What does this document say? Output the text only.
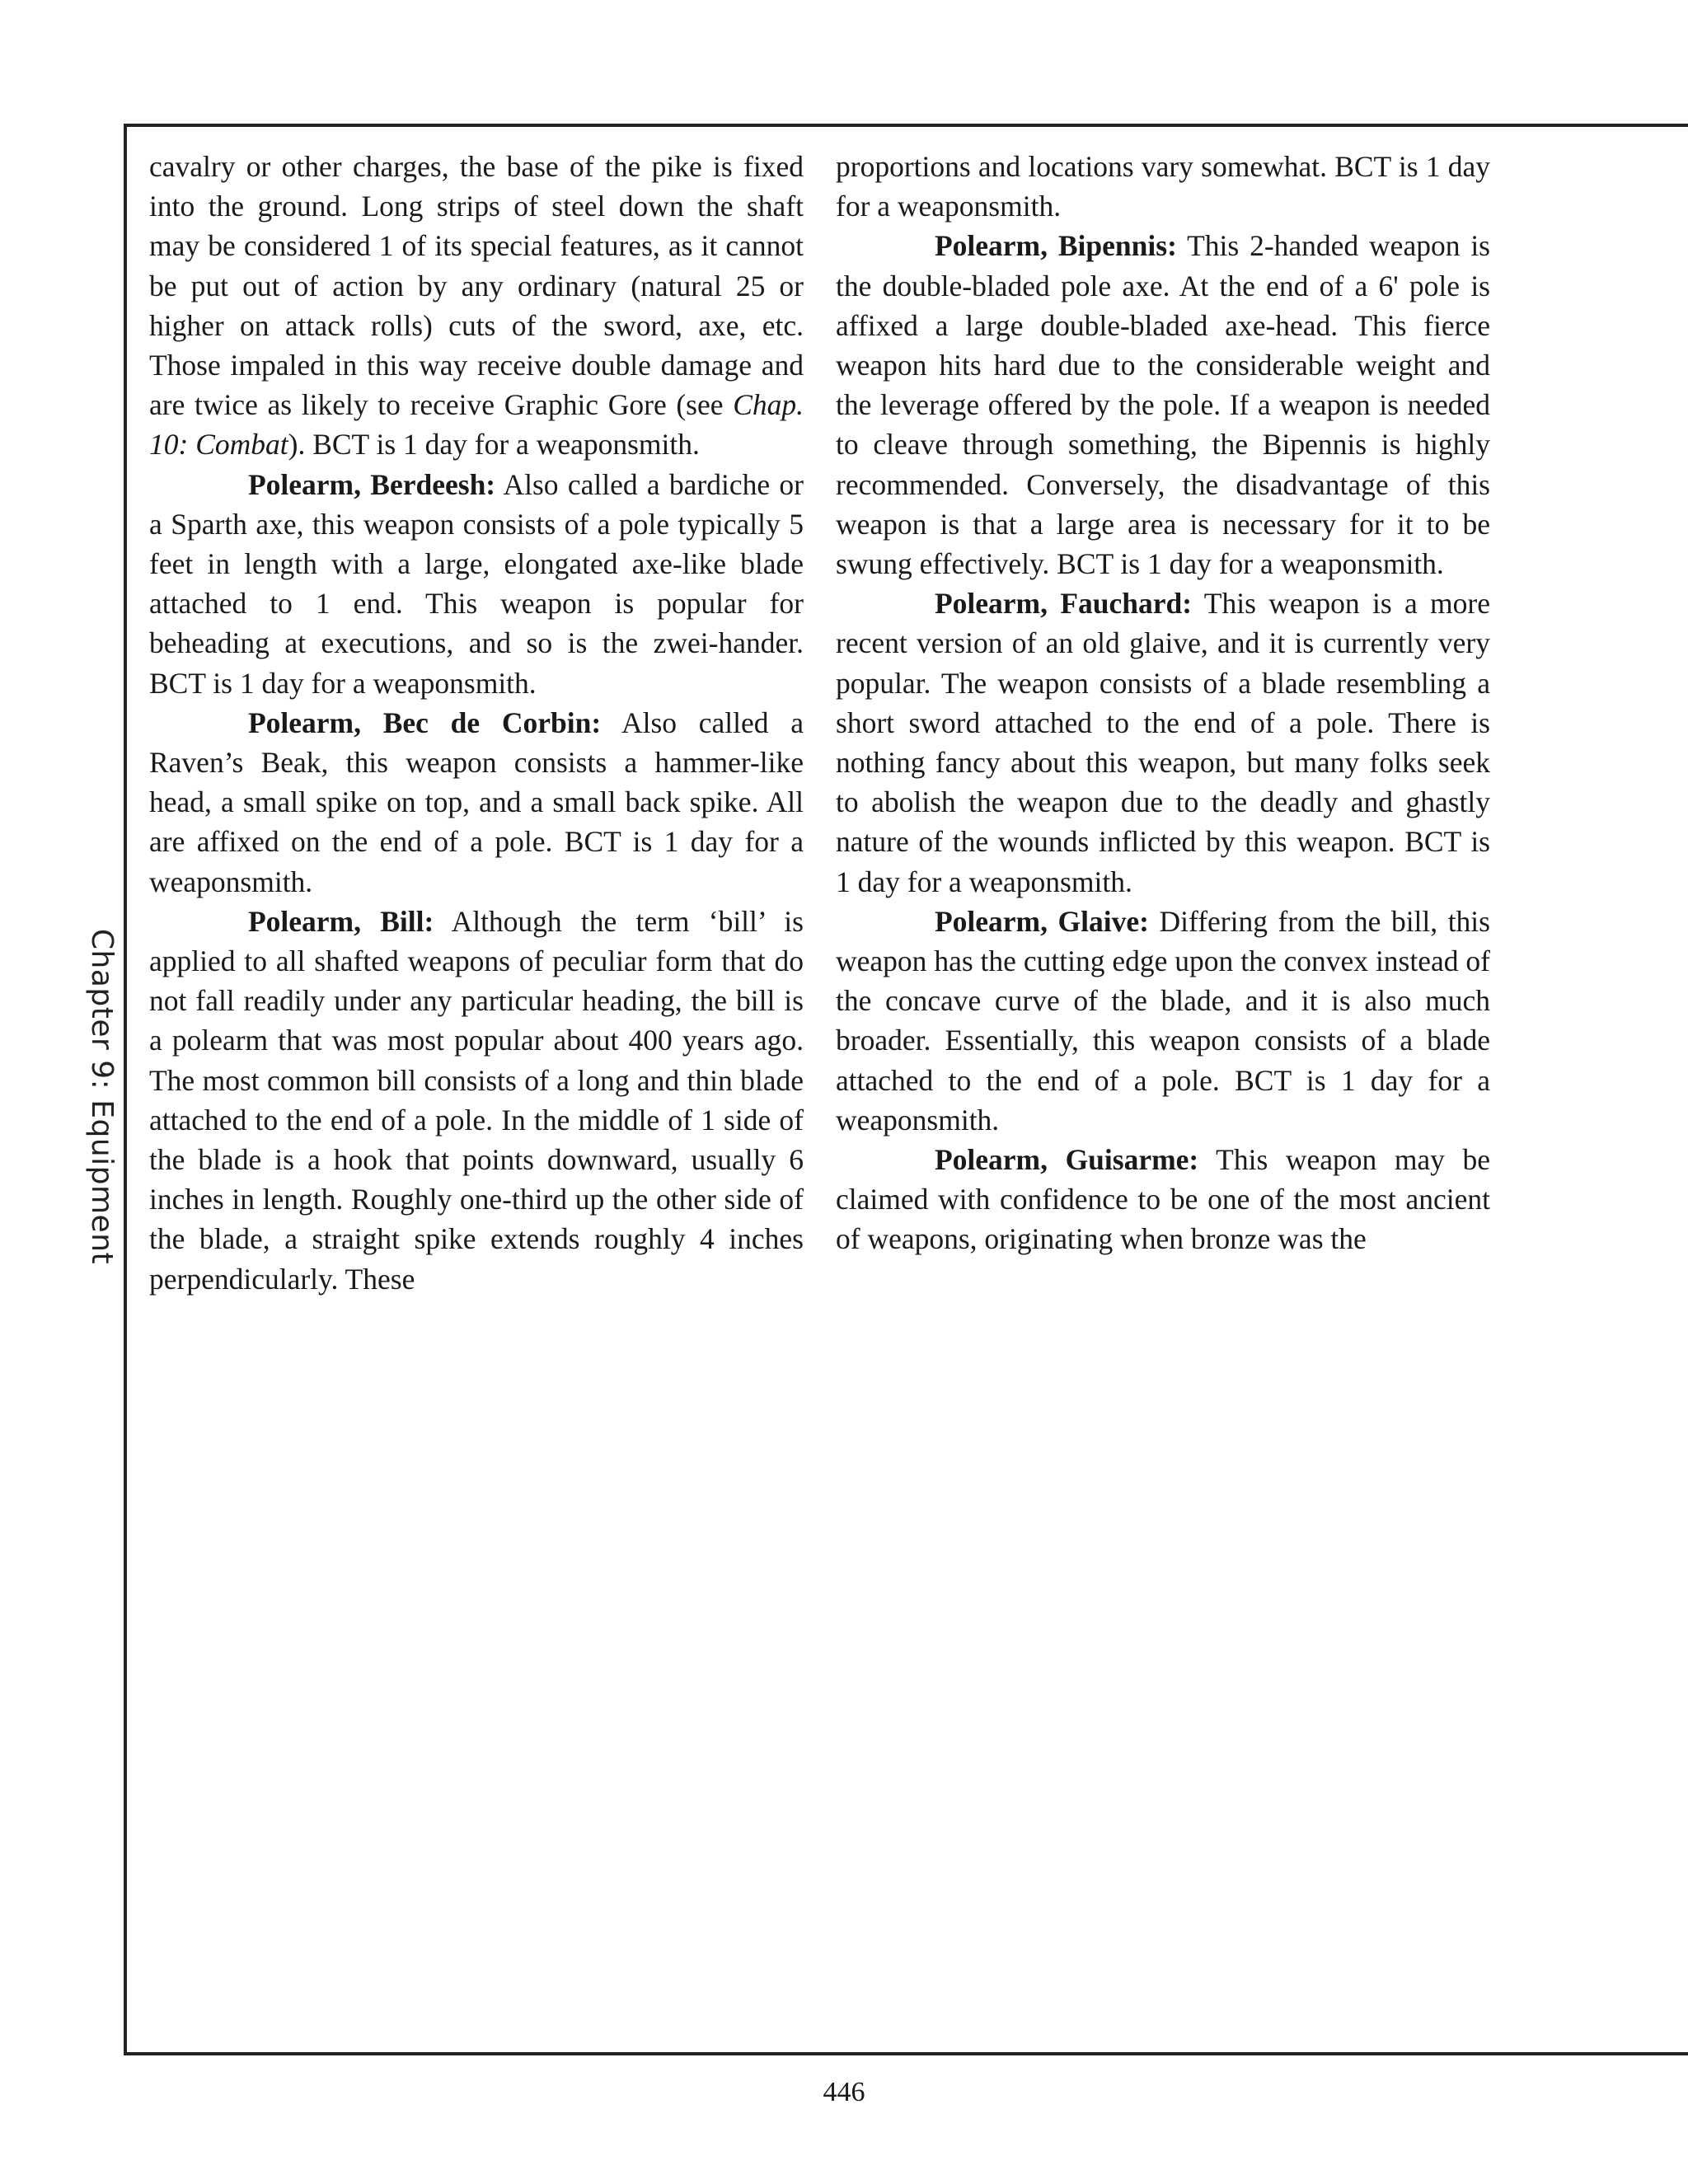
Chapter 9: Equipment

cavalry or other charges, the base of the pike is fixed into the ground. Long strips of steel down the shaft may be considered 1 of its special features, as it cannot be put out of action by any ordinary (natural 25 or higher on attack rolls) cuts of the sword, axe, etc. Those impaled in this way receive double damage and are twice as likely to receive Graphic Gore (see Chap. 10: Combat). BCT is 1 day for a weaponsmith.

Polearm, Berdeesh: Also called a bardiche or a Sparth axe, this weapon consists of a pole typically 5 feet in length with a large, elongated axe-like blade attached to 1 end. This weapon is popular for beheading at executions, and so is the zwei-hander. BCT is 1 day for a weaponsmith.

Polearm, Bec de Corbin: Also called a Raven’s Beak, this weapon consists a hammer-like head, a small spike on top, and a small back spike. All are affixed on the end of a pole. BCT is 1 day for a weaponsmith.

Polearm, Bill: Although the term ‘bill’ is applied to all shafted weapons of peculiar form that do not fall readily under any particular heading, the bill is a polearm that was most popular about 400 years ago. The most common bill consists of a long and thin blade attached to the end of a pole. In the middle of 1 side of the blade is a hook that points downward, usually 6 inches in length. Roughly one-third up the other side of the blade, a straight spike extends roughly 4 inches perpendicularly. These

proportions and locations vary somewhat. BCT is 1 day for a weaponsmith.

Polearm, Bipennis: This 2-handed weapon is the double-bladed pole axe. At the end of a 6' pole is affixed a large double-bladed axe-head. This fierce weapon hits hard due to the considerable weight and the leverage offered by the pole. If a weapon is needed to cleave through something, the Bipennis is highly recommended. Conversely, the disadvantage of this weapon is that a large area is necessary for it to be swung effectively. BCT is 1 day for a weaponsmith.

Polearm, Fauchard: This weapon is a more recent version of an old glaive, and it is currently very popular. The weapon consists of a blade resembling a short sword attached to the end of a pole. There is nothing fancy about this weapon, but many folks seek to abolish the weapon due to the deadly and ghastly nature of the wounds inflicted by this weapon. BCT is 1 day for a weaponsmith.

Polearm, Glaive: Differing from the bill, this weapon has the cutting edge upon the convex instead of the concave curve of the blade, and it is also much broader. Essentially, this weapon consists of a blade attached to the end of a pole. BCT is 1 day for a weaponsmith.

Polearm, Guisarme: This weapon may be claimed with confidence to be one of the most ancient of weapons, originating when bronze was the

446
